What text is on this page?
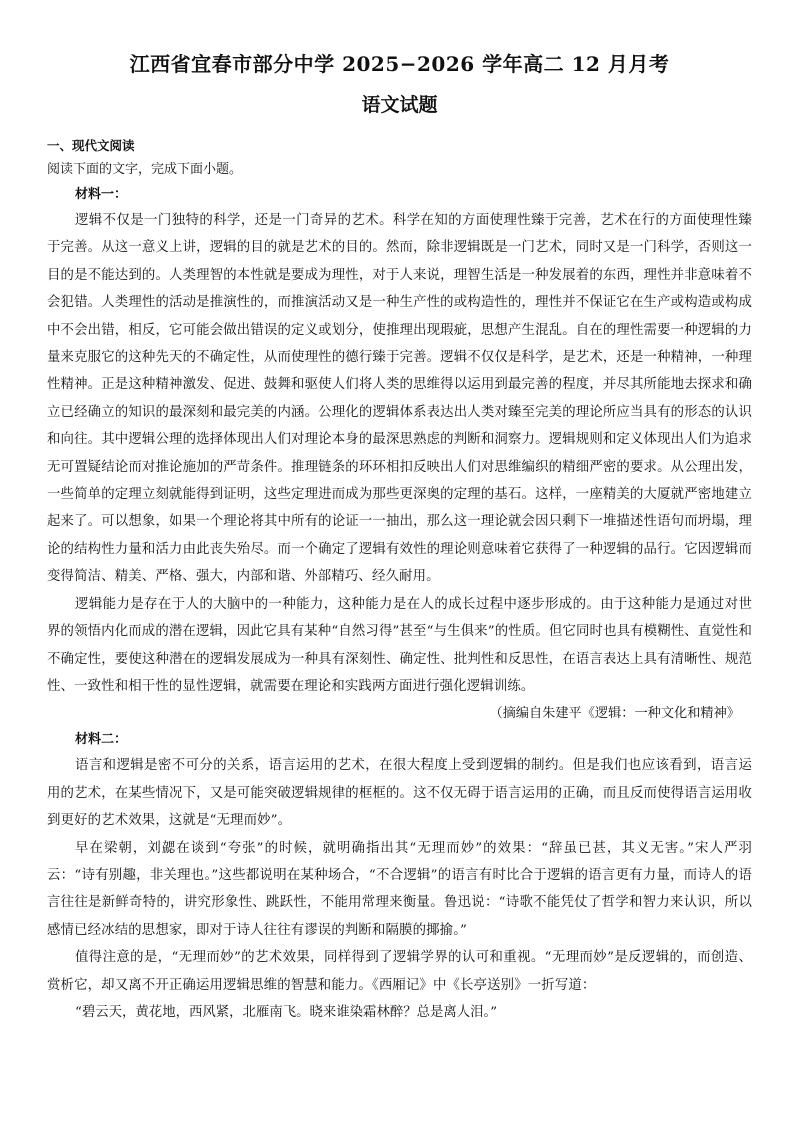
江西省宜春市部分中学 2025−2026 学年高二 12 月月考
语文试题

一、现代文阅读

阅读下面的文字，完成下面小题。

材料一：

逻辑不仅是一门独特的科学，还是一门奇异的艺术。科学在知的方面使理性臻于完善，艺术在行的方面使理性臻于完善。从这一意义上讲，逻辑的目的就是艺术的目的。然而，除非逻辑既是一门艺术，同时又是一门科学，否则这一目的是不能达到的。人类理智的本性就是要成为理性，对于人来说，理智生活是一种发展着的东西，理性并非意味着不会犯错。人类理性的活动是推演性的，而推演活动又是一种生产性的或构造性的，理性并不保证它在生产或构造或构成中不会出错，相反，它可能会做出错误的定义或划分，使推理出现瑕疵，思想产生混乱。自在的理性需要一种逻辑的力量来克服它的这种先天的不确定性，从而使理性的德行臻于完善。逻辑不仅仅是科学，是艺术，还是一种精神，一种理性精神。正是这种精神激发、促进、鼓舞和驱使人们将人类的思维得以运用到最完善的程度，并尽其所能地去探求和确立已经确立的知识的最深刻和最完美的内涵。公理化的逻辑体系表达出人类对臻至完美的理论所应当具有的形态的认识和向往。其中逻辑公理的选择体现出人们对理论本身的最深思熟虑的判断和洞察力。逻辑规则和定义体现出人们为追求无可置疑结论而对推论施加的严苛条件。推理链条的环环相扣反映出人们对思维编织的精细严密的要求。从公理出发，一些简单的定理立刻就能得到证明，这些定理进而成为那些更深奥的定理的基石。这样，一座精美的大厦就严密地建立起来了。可以想象，如果一个理论将其中所有的论证一一抽出，那么这一理论就会因只剩下一堆描述性语句而坍塌，理论的结构性力量和活力由此丧失殆尽。而一个确定了逻辑有效性的理论则意味着它获得了一种逻辑的品行。它因逻辑而变得简洁、精美、严格、强大，内部和谐、外部精巧、经久耐用。

逻辑能力是存在于人的大脑中的一种能力，这种能力是在人的成长过程中逐步形成的。由于这种能力是通过对世界的领悟内化而成的潜在逻辑，因此它具有某种“自然习得”甚至“与生俱来”的性质。但它同时也具有模糊性、直觉性和不确定性，要使这种潜在的逻辑发展成为一种具有深刻性、确定性、批判性和反思性，在语言表达上具有清晰性、规范性、一致性和相干性的显性逻辑，就需要在理论和实践两方面进行强化逻辑训练。

（摘编自朱建平《逻辑：一种文化和精神》

材料二：

语言和逻辑是密不可分的关系，语言运用的艺术，在很大程度上受到逻辑的制约。但是我们也应该看到，语言运用的艺术，在某些情况下，又是可能突破逻辑规律的框框的。这不仅无碍于语言运用的正确，而且反而使得语言运用收到更好的艺术效果，这就是“无理而妙”。

早在梁朝，刘勰在谈到“夸张”的时候，就明确指出其“无理而妙”的效果：“辞虽已甚，其义无害。”宋人严羽云：“诗有别趣，非关理也。”这些都说明在某种场合，“不合逻辑”的语言有时比合于逻辑的语言更有力量，而诗人的语言往往是新鲜奇特的，讲究形象性、跳跃性，不能用常理来衡量。鲁迅说：“诗歌不能凭仗了哲学和智力来认识，所以感情已经冰结的思想家，即对于诗人往往有谬误的判断和隔膜的揶揄。”

值得注意的是，“无理而妙”的艺术效果，同样得到了逻辑学界的认可和重视。“无理而妙”是反逻辑的，而创造、赏析它，却又离不开正确运用逻辑思维的智慧和能力。《西厢记》中《长亭送别》一折写道：

“碧云天，黄花地，西风紧，北雁南飞。晓来谁染霜林醉？总是离人泪。”
